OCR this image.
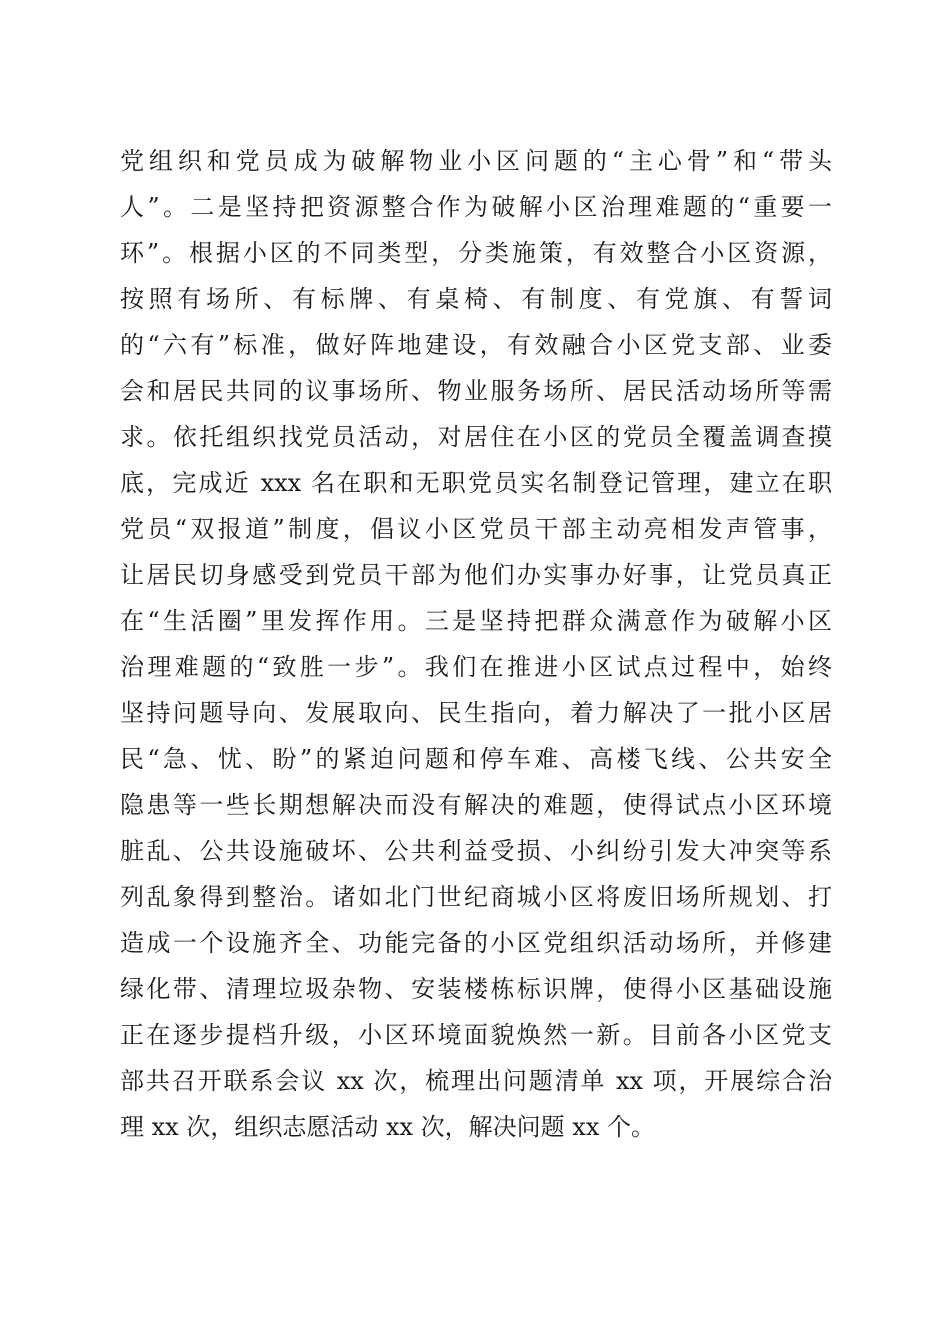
党组织和党员成为破解物业小区问题的“主心骨”和“带头
人”。二是坚持把资源整合作为破解小区治理难题的“重要一
环”。根据小区的不同类型，分类施策，有效整合小区资源，
按照有场所、有标牌、有桌椅、有制度、有党旗、有誓词
的“六有”标准，做好阵地建设，有效融合小区党支部、业委
会和居民共同的议事场所、物业服务场所、居民活动场所等需
求。依托组织找党员活动，对居住在小区的党员全覆盖调查摸
底，完成近 xxx 名在职和无职党员实名制登记管理，建立在职
党员“双报道”制度，倡议小区党员干部主动亮相发声管事，
让居民切身感受到党员干部为他们办实事办好事，让党员真正
在“生活圈”里发挥作用。三是坚持把群众满意作为破解小区
治理难题的“致胜一步”。我们在推进小区试点过程中，始终
坚持问题导向、发展取向、民生指向，着力解决了一批小区居
民“急、忧、盼”的紧迫问题和停车难、高楼飞线、公共安全
隐患等一些长期想解决而没有解决的难题，使得试点小区环境
脏乱、公共设施破坏、公共利益受损、小纠纷引发大冲突等系
列乱象得到整治。诸如北门世纪商城小区将废旧场所规划、打
造成一个设施齐全、功能完备的小区党组织活动场所，并修建
绿化带、清理垃圾杂物、安装楼栋标识牌，使得小区基础设施
正在逐步提档升级，小区环境面貌焕然一新。目前各小区党支
部共召开联系会议 xx 次，梳理出问题清单 xx 项，开展综合治
理 xx 次，组织志愿活动 xx 次，解决问题 xx 个。
